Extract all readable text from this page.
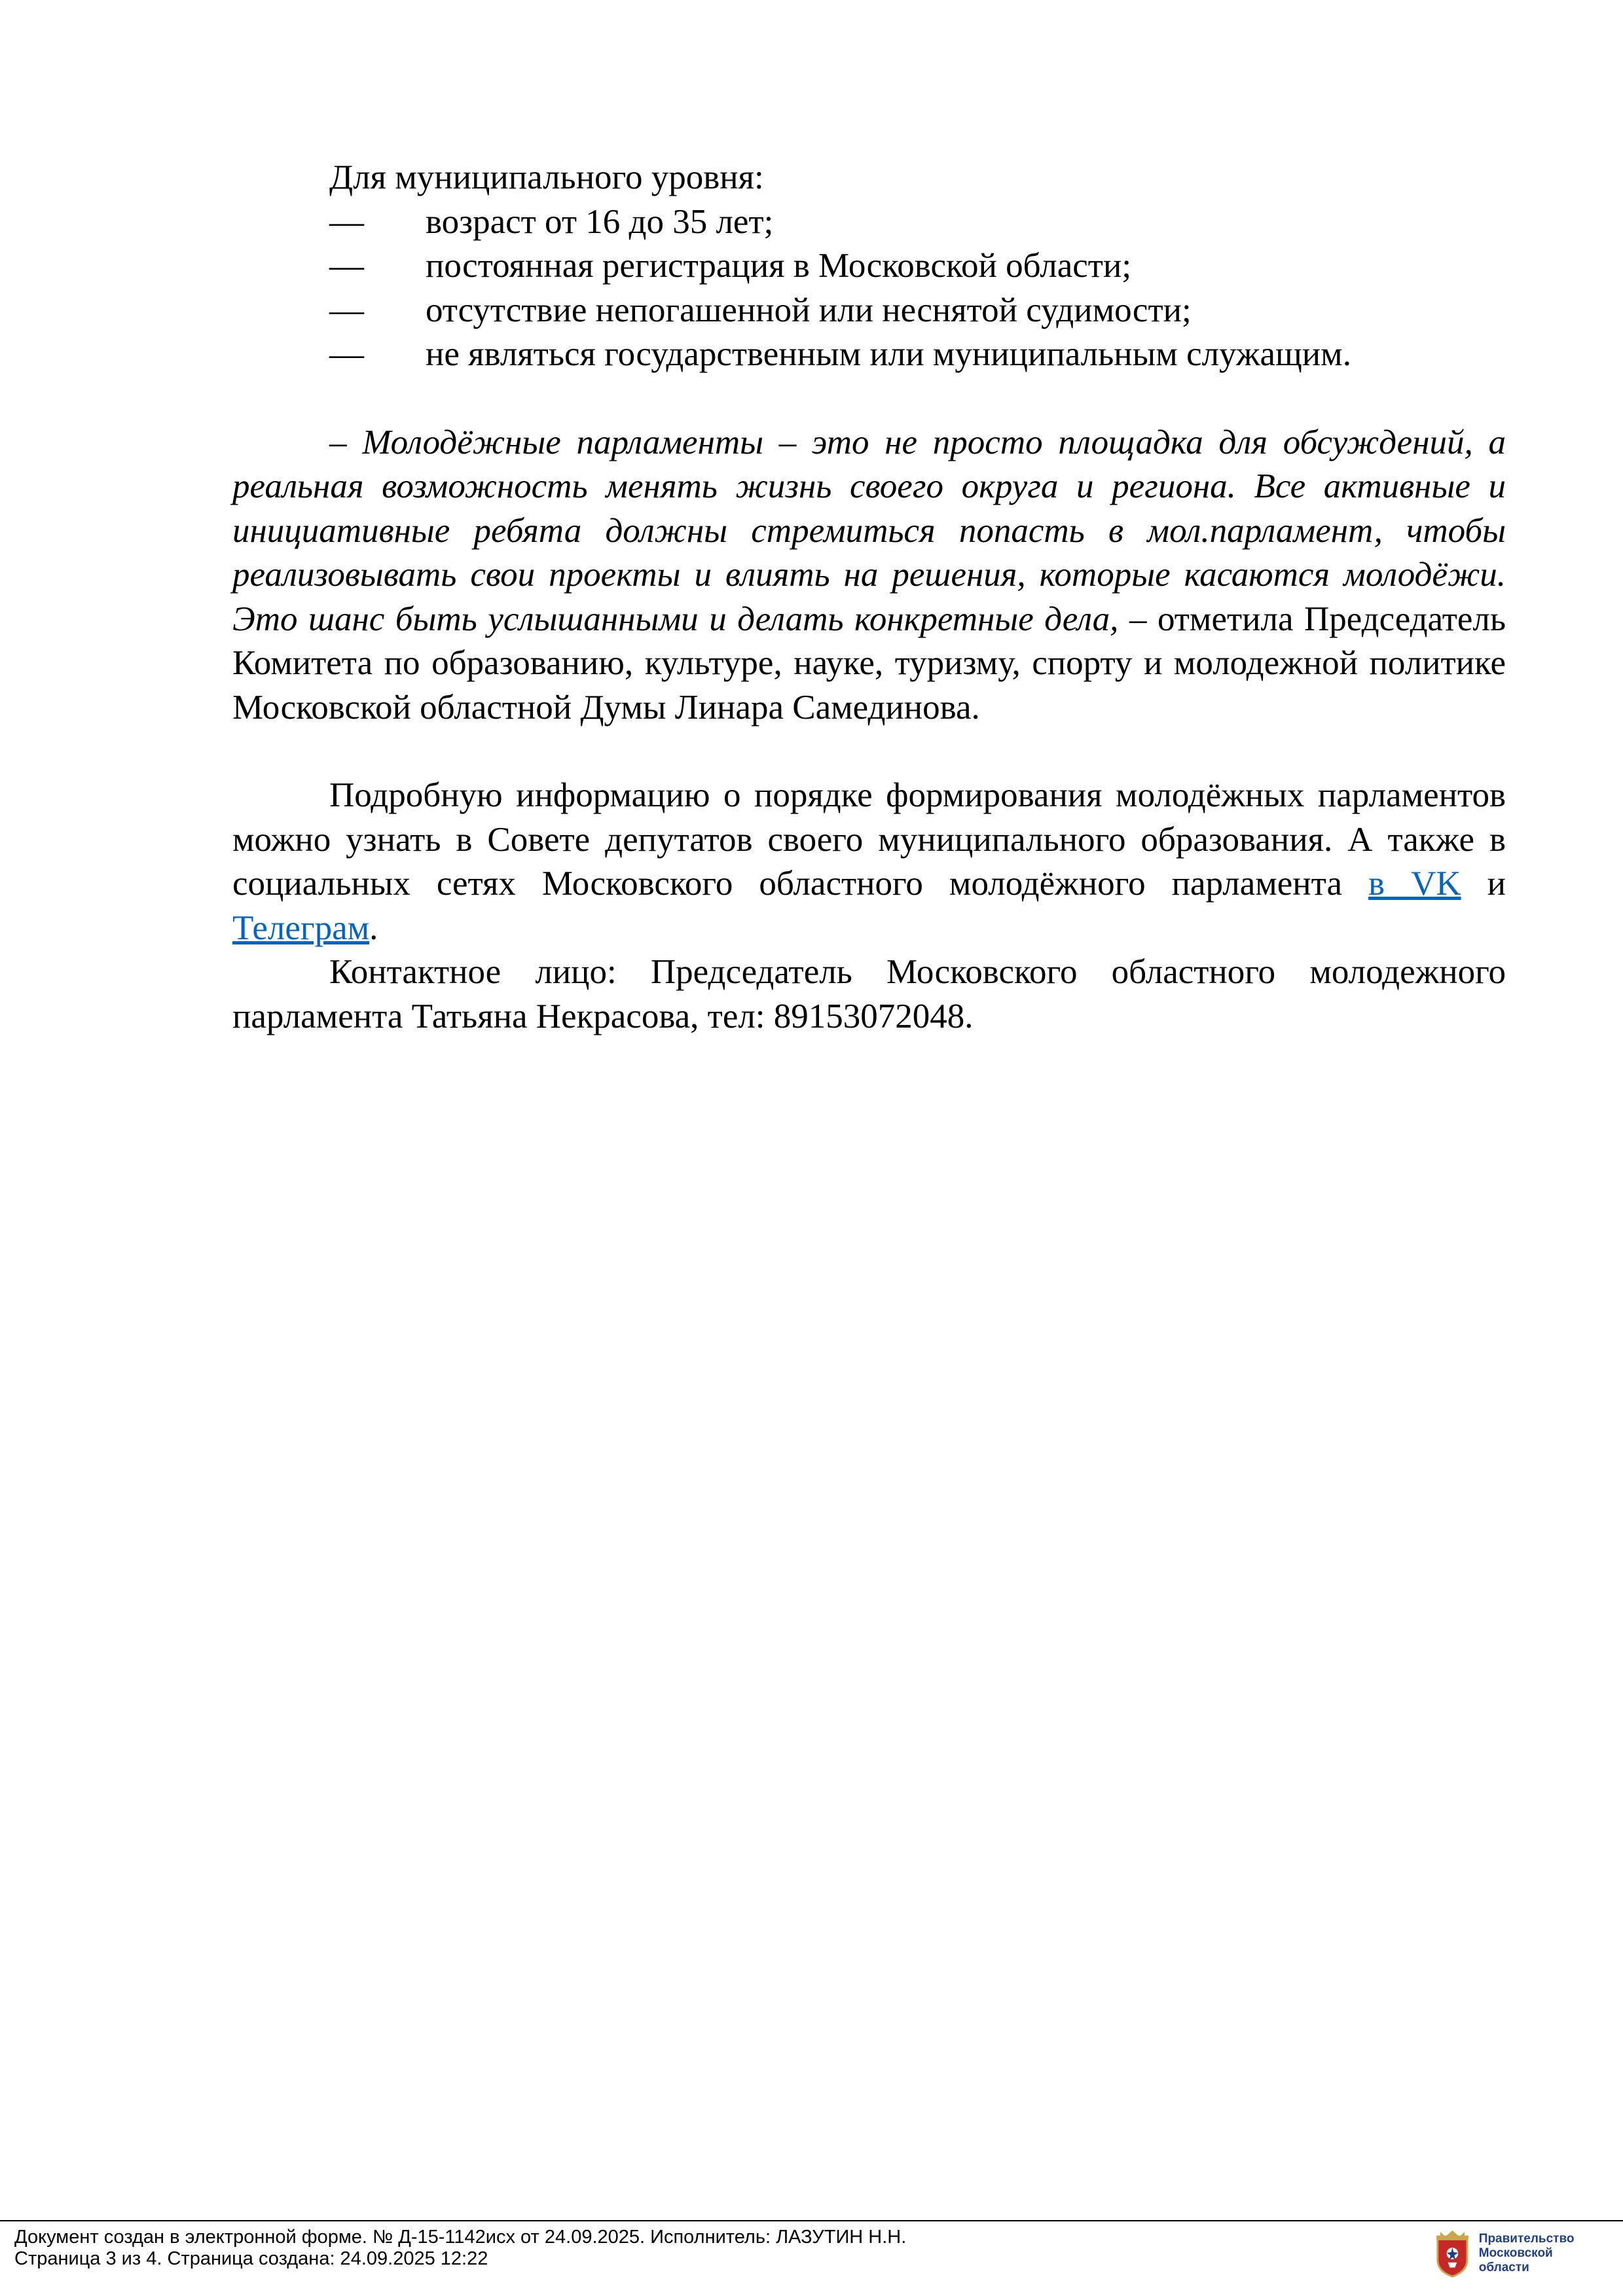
Для муниципального уровня:

— возраст от 16 до 35 лет;

— постоянная регистрация в Московской области;

— отсутствие непогашенной или неснятой судимости;

— не являться государственным или муниципальным служащим.

– Молодёжные парламенты – это не просто площадка для обсуждений, а реальная возможность менять жизнь своего округа и региона. Все активные и инициативные ребята должны стремиться попасть в мол.парламент, чтобы реализовывать свои проекты и влиять на решения, которые касаются молодёжи. Это шанс быть услышанными и делать конкретные дела, – отметила Председатель Комитета по образованию, культуре, науке, туризму, спорту и молодежной политике Московской областной Думы Линара Самединова.

Подробную информацию о порядке формирования молодёжных парламентов можно узнать в Совете депутатов своего муниципального образования. А также в социальных сетях Московского областного молодёжного парламента в VK и Телеграм.

Контактное лицо: Председатель Московского областного молодежного парламента Татьяна Некрасова, тел: 89153072048.

Документ создан в электронной форме. № Д-15-1142исх от 24.09.2025. Исполнитель: ЛАЗУТИН Н.Н.
Страница 3 из 4. Страница создана: 24.09.2025 12:22
Правительство
Московской области
